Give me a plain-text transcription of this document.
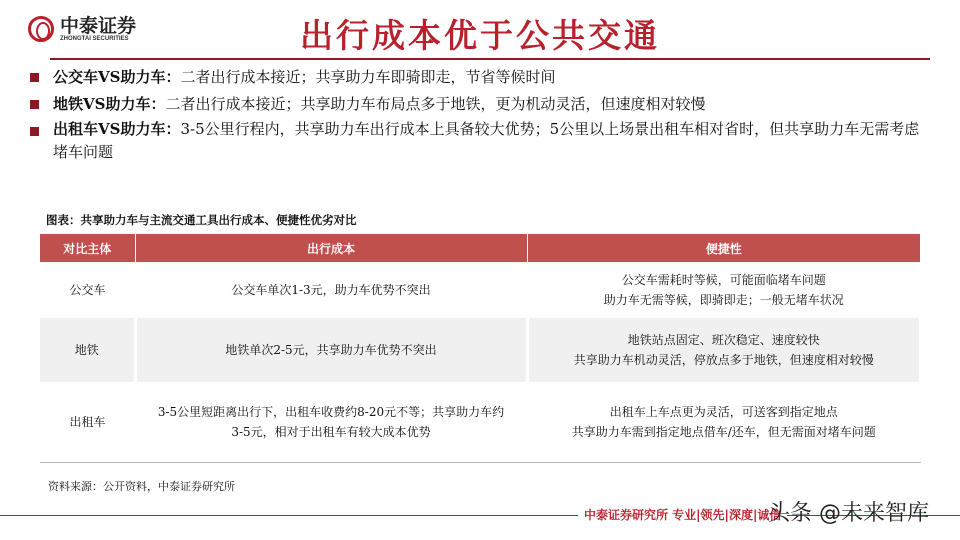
中泰证券
ZHONGTAI SECURITIES	出行成本优于公共交通
公交车VS助力车：二者出行成本接近；共享助力车即骑即走，节省等候时间
地铁VS助力车：二者出行成本接近；共享助力车布局点多于地铁，更为机动灵活，但速度相对较慢
出租车VS助力车：3-5公里行程内，共享助力车出行成本上具备较大优势；5公里以上场景出租车相对省时，但共享助力车无需考虑堵车问题
图表：共享助力车与主流交通工具出行成本、便捷性优劣对比
对比主体	出行成本	便捷性
公交车	公交车单次1-3元，助力车优势不突出	公交车需耗时等候，可能面临堵车问题
助力车无需等候，即骑即走；一般无堵车状况

地铁	地铁单次2-5元，共享助力车优势不突出	地铁站点固定、班次稳定、速度较快
共享助力车机动灵活，停放点多于地铁，但速度相对较慢

出租车	3-5公里短距离出行下，出租车收费约8-20元不等；共享助力车约3-5元，相对于出租车有较大成本优势	出租车上车点更为灵活，可送客到指定地点
共享助力车需到指定地点借车/还车，但无需面对堵车问题
资料来源：公开资料，中泰证券研究所
中泰证券研究所 专业|领先|深度|诚信
头条 @未来智库
